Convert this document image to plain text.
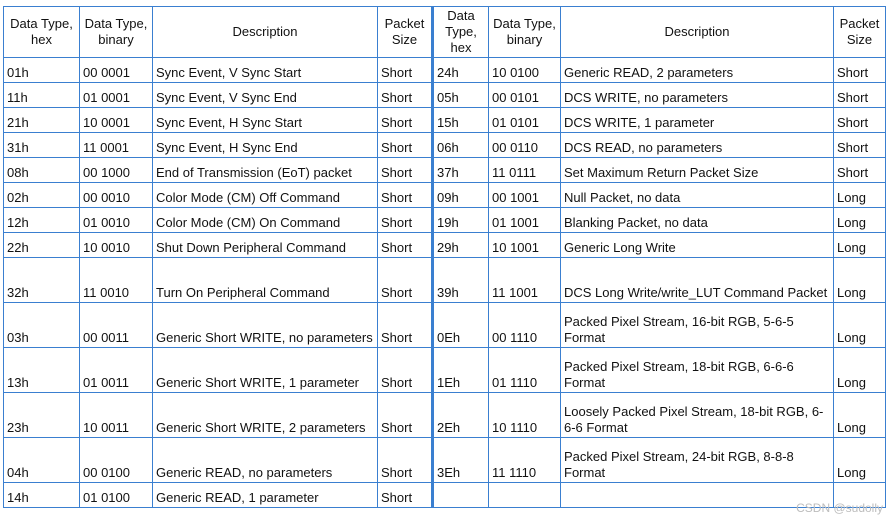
Data Type, hex	Data Type, binary	Description	Packet Size	Data Type, hex	Data Type, binary	Description	Packet Size
01h	00 0001	Sync Event, V Sync Start	Short	24h	10 0100	Generic READ, 2 parameters	Short
11h	01 0001	Sync Event, V Sync End	Short	05h	00 0101	DCS WRITE, no parameters	Short
21h	10 0001	Sync Event, H Sync Start	Short	15h	01 0101	DCS WRITE, 1 parameter	Short
31h	11 0001	Sync Event, H Sync End	Short	06h	00 0110	DCS READ, no parameters	Short
08h	00 1000	End of Transmission (EoT) packet	Short	37h	11 0111	Set Maximum Return Packet Size	Short
02h	00 0010	Color Mode (CM) Off Command	Short	09h	00 1001	Null Packet, no data	Long
12h	01 0010	Color Mode (CM) On Command	Short	19h	01 1001	Blanking Packet, no data	Long
22h	10 0010	Shut Down Peripheral Command	Short	29h	10 1001	Generic Long Write	Long
32h	11 0010	Turn On Peripheral Command	Short	39h	11 1001	DCS Long Write/write_LUT Command Packet	Long
03h	00 0011	Generic Short WRITE, no parameters	Short	0Eh	00 1110	Packed Pixel Stream, 16-bit RGB, 5-6-5 Format	Long
13h	01 0011	Generic Short WRITE, 1 parameter	Short	1Eh	01 1110	Packed Pixel Stream, 18-bit RGB, 6-6-6 Format	Long
23h	10 0011	Generic Short WRITE, 2 parameters	Short	2Eh	10 1110	Loosely Packed Pixel Stream, 18-bit RGB, 6-6-6 Format	Long
04h	00 0100	Generic READ, no parameters	Short	3Eh	11 1110	Packed Pixel Stream, 24-bit RGB, 8-8-8 Format	Long
14h	01 0100	Generic READ, 1 parameter	Short				
CSDN @sudolly
